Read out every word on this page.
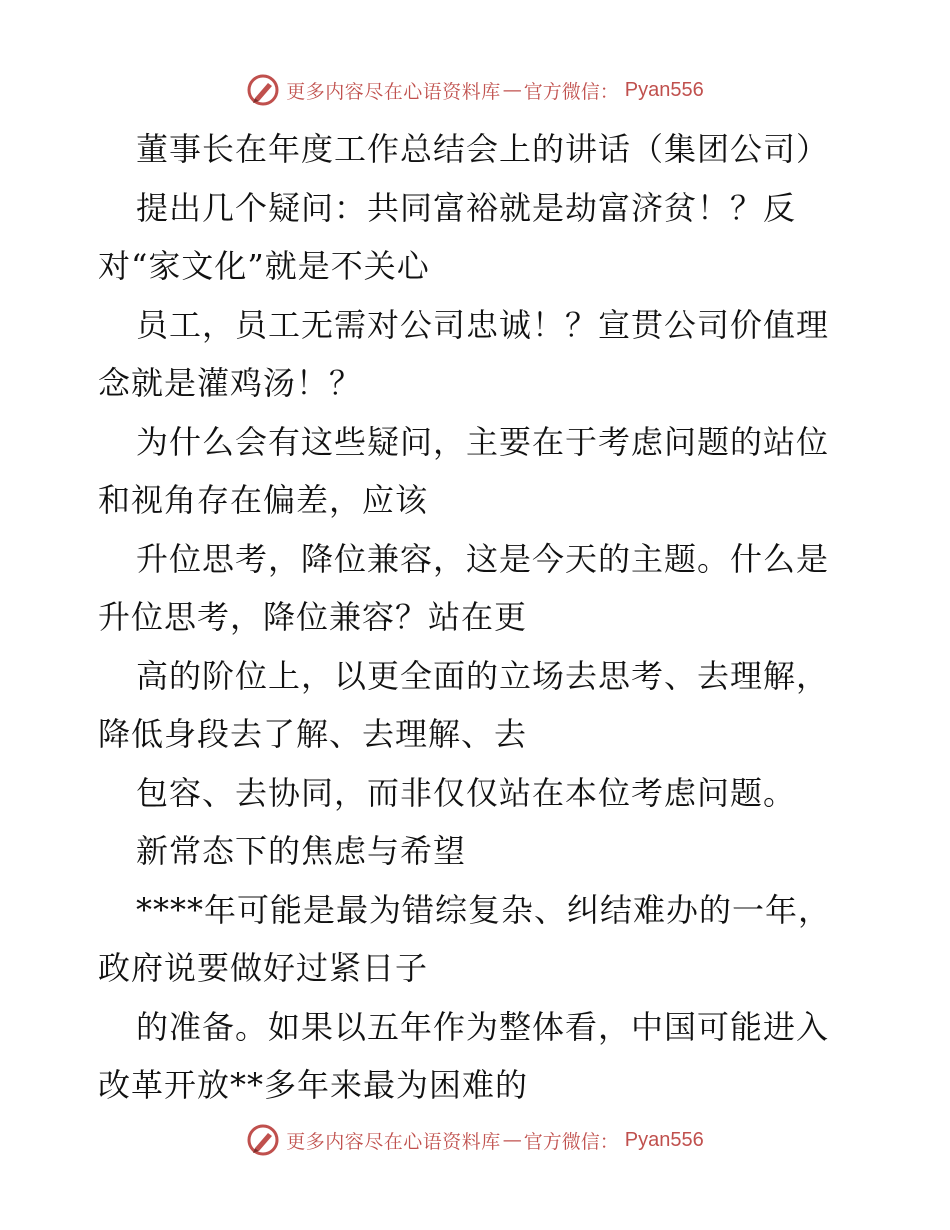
更多内容尽在心语资料库 — 官方微信： Pyan556
董事长在年度工作总结会上的讲话（集团公司）
提出几个疑问：共同富裕就是劫富济贫！？反
对“家文化”就是不关心
员工，员工无需对公司忠诚！？宣贯公司价值理
念就是灌鸡汤！？
为什么会有这些疑问，主要在于考虑问题的站位
和视角存在偏差，应该
升位思考，降位兼容，这是今天的主题。什么是
升位思考，降位兼容？站在更
高的阶位上，以更全面的立场去思考、去理解，
降低身段去了解、去理解、去
包容、去协同，而非仅仅站在本位考虑问题。
新常态下的焦虑与希望
****年可能是最为错综复杂、纠结难办的一年，
政府说要做好过紧日子
的准备。如果以五年作为整体看，中国可能进入
改革开放**多年来最为困难的
更多内容尽在心语资料库 — 官方微信： Pyan556
